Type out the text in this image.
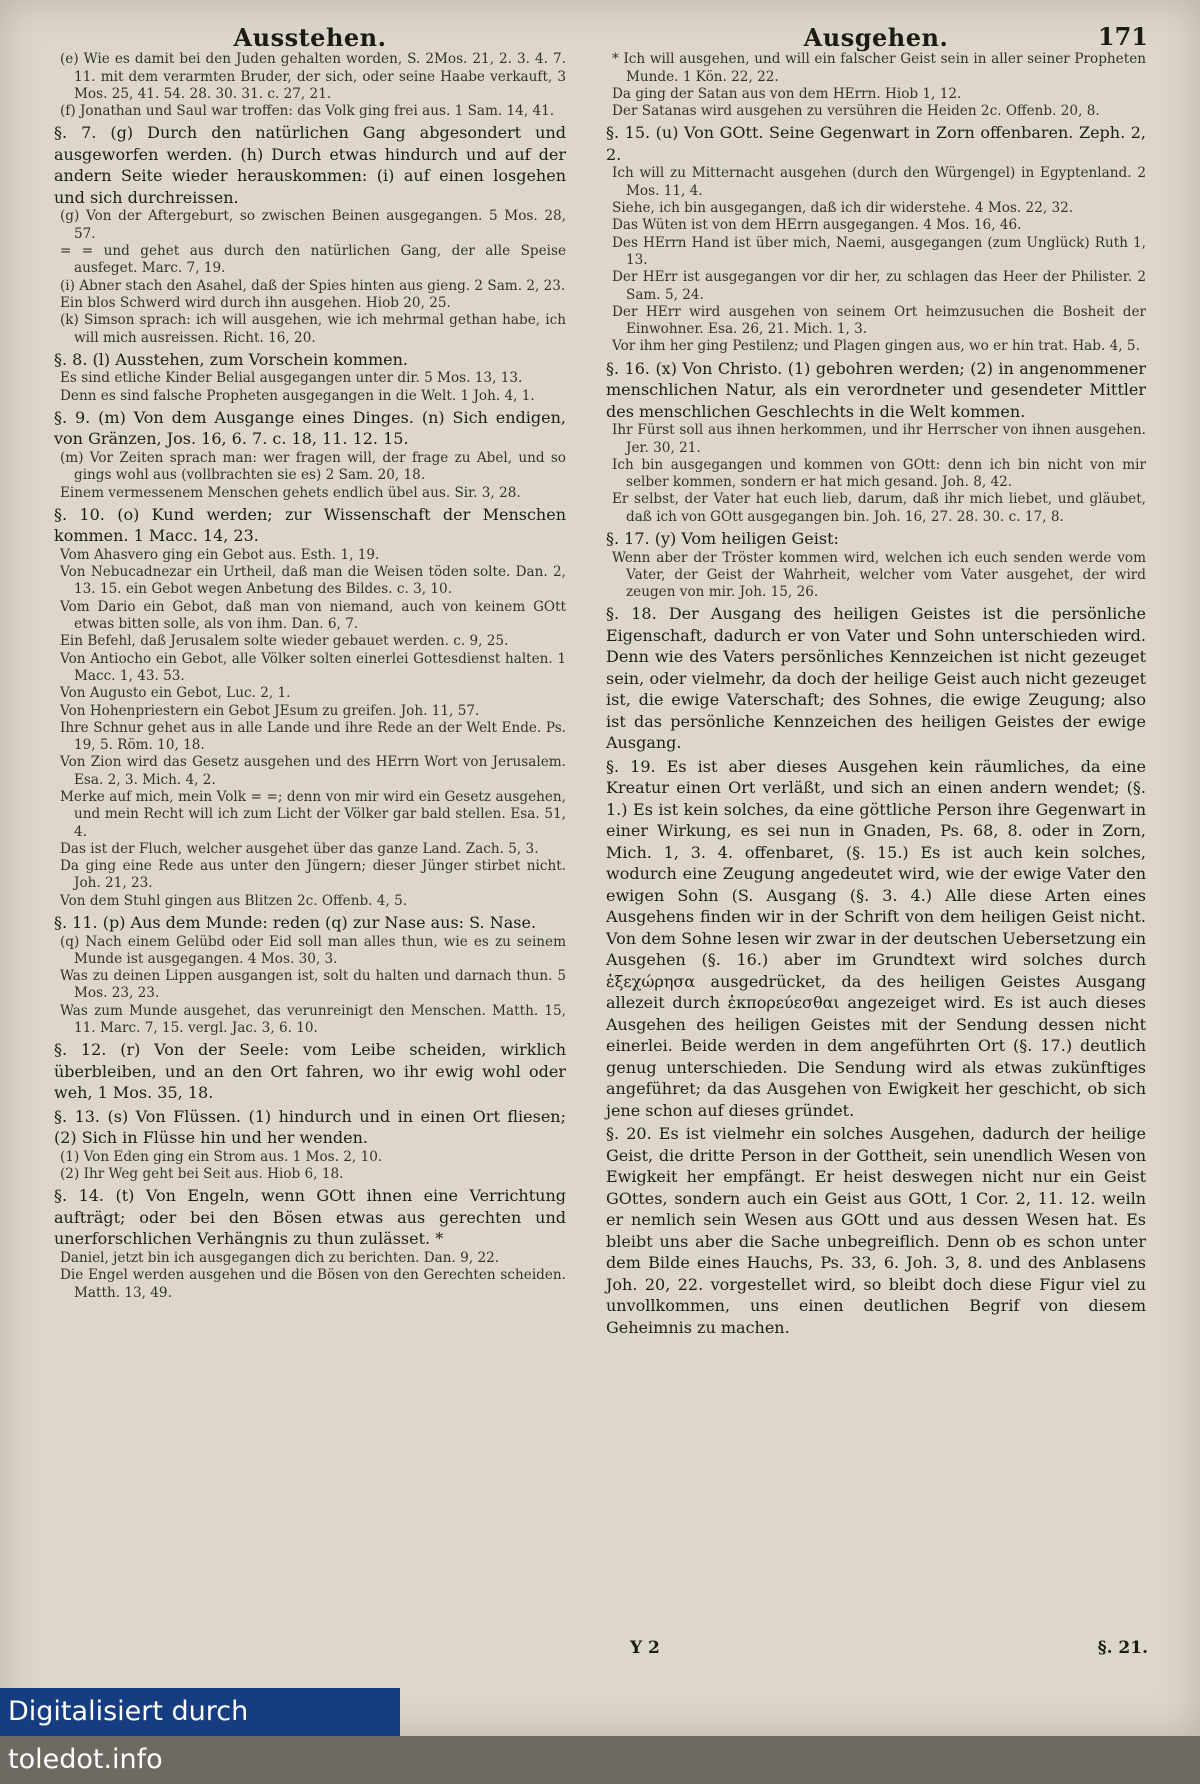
Ausstehen.

(e) Wie es damit bei den Juden gehalten worden, S. 2Mos. 21, 2. 3. 4. 7. 11. mit dem verarmten Bruder, der sich, oder seine Haabe verkauft, 3 Mos. 25, 41. 54. 28. 30. 31. c. 27, 21.

(f) Jonathan und Saul war troffen: das Volk ging frei aus. 1 Sam. 14, 41.

§. 7. (g) Durch den natürlichen Gang abgesondert und ausgeworfen werden. (h) Durch etwas hindurch und auf der andern Seite wieder herauskommen: (i) auf einen losgehen und sich durchreissen.

(g) Von der Aftergeburt, so zwischen Beinen ausgegangen. 5 Mos. 28, 57.

= = und gehet aus durch den natürlichen Gang, der alle Speise ausfeget. Marc. 7, 19.

(i) Abner stach den Asahel, daß der Spies hinten aus gieng. 2 Sam. 2, 23.

Ein blos Schwerd wird durch ihn ausgehen. Hiob 20, 25.

(k) Simson sprach: ich will ausgehen, wie ich mehrmal gethan habe, ich will mich ausreissen. Richt. 16, 20.

§. 8. (l) Ausstehen, zum Vorschein kommen.

Es sind etliche Kinder Belial ausgegangen unter dir. 5 Mos. 13, 13.

Denn es sind falsche Propheten ausgegangen in die Welt. 1 Joh. 4, 1.

§. 9. (m) Von dem Ausgange eines Dinges. (n) Sich endigen, von Gränzen, Jos. 16, 6. 7. c. 18, 11. 12. 15.

(m) Vor Zeiten sprach man: wer fragen will, der frage zu Abel, und so gings wohl aus (vollbrachten sie es) 2 Sam. 20, 18.

Einem vermessenem Menschen gehets endlich übel aus. Sir. 3, 28.

§. 10. (o) Kund werden; zur Wissenschaft der Menschen kommen. 1 Macc. 14, 23.

Vom Ahasvero ging ein Gebot aus. Esth. 1, 19.

Von Nebucadnezar ein Urtheil, daß man die Weisen töden solte. Dan. 2, 13. 15. ein Gebot wegen Anbetung des Bildes. c. 3, 10.

Vom Dario ein Gebot, daß man von niemand, auch von keinem GOtt etwas bitten solle, als von ihm. Dan. 6, 7.

Ein Befehl, daß Jerusalem solte wieder gebauet werden. c. 9, 25.

Von Antiocho ein Gebot, alle Völker solten einerlei Gottesdienst halten. 1 Macc. 1, 43. 53.

Von Augusto ein Gebot, Luc. 2, 1.

Von Hohenpriestern ein Gebot JEsum zu greifen. Joh. 11, 57.

Ihre Schnur gehet aus in alle Lande und ihre Rede an der Welt Ende. Ps. 19, 5. Röm. 10, 18.

Von Zion wird das Gesetz ausgehen und des HErrn Wort von Jerusalem. Esa. 2, 3. Mich. 4, 2.

Merke auf mich, mein Volk = =; denn von mir wird ein Gesetz ausgehen, und mein Recht will ich zum Licht der Völker gar bald stellen. Esa. 51, 4.

Das ist der Fluch, welcher ausgehet über das ganze Land. Zach. 5, 3.

Da ging eine Rede aus unter den Jüngern; dieser Jünger stirbet nicht. Joh. 21, 23.

Von dem Stuhl gingen aus Blitzen 2c. Offenb. 4, 5.

§. 11. (p) Aus dem Munde: reden (q) zur Nase aus: S. Nase.

(q) Nach einem Gelübd oder Eid soll man alles thun, wie es zu seinem Munde ist ausgegangen. 4 Mos. 30, 3.

Was zu deinen Lippen ausgangen ist, solt du halten und darnach thun. 5 Mos. 23, 23.

Was zum Munde ausgehet, das verunreinigt den Menschen. Matth. 15, 11. Marc. 7, 15. vergl. Jac. 3, 6. 10.

§. 12. (r) Von der Seele: vom Leibe scheiden, wirklich überbleiben, und an den Ort fahren, wo ihr ewig wohl oder weh, 1 Mos. 35, 18.

§. 13. (s) Von Flüssen. (1) hindurch und in einen Ort fliesen; (2) Sich in Flüsse hin und her wenden.

(1) Von Eden ging ein Strom aus. 1 Mos. 2, 10.

(2) Ihr Weg geht bei Seit aus. Hiob 6, 18.

§. 14. (t) Von Engeln, wenn GOtt ihnen eine Verrichtung aufträgt; oder bei den Bösen etwas aus gerechten und unerforschlichen Verhängnis zu thun zulässet. *

Daniel, jetzt bin ich ausgegangen dich zu berichten. Dan. 9, 22.

Die Engel werden ausgehen und die Bösen von den Gerechten scheiden. Matth. 13, 49.

171
Ausgehen.

* Ich will ausgehen, und will ein falscher Geist sein in aller seiner Propheten Munde. 1 Kön. 22, 22.

Da ging der Satan aus von dem HErrn. Hiob 1, 12.

Der Satanas wird ausgehen zu versühren die Heiden 2c. Offenb. 20, 8.

§. 15. (u) Von GOtt. Seine Gegenwart in Zorn offenbaren. Zeph. 2, 2.

Ich will zu Mitternacht ausgehen (durch den Würgengel) in Egyptenland. 2 Mos. 11, 4.

Siehe, ich bin ausgegangen, daß ich dir widerstehe. 4 Mos. 22, 32.

Das Wüten ist von dem HErrn ausgegangen. 4 Mos. 16, 46.

Des HErrn Hand ist über mich, Naemi, ausgegangen (zum Unglück) Ruth 1, 13.

Der HErr ist ausgegangen vor dir her, zu schlagen das Heer der Philister. 2 Sam. 5, 24.

Der HErr wird ausgehen von seinem Ort heimzusuchen die Bosheit der Einwohner. Esa. 26, 21. Mich. 1, 3.

Vor ihm her ging Pestilenz; und Plagen gingen aus, wo er hin trat. Hab. 4, 5.

§. 16. (x) Von Christo. (1) gebohren werden; (2) in angenommener menschlichen Natur, als ein verordneter und gesendeter Mittler des menschlichen Geschlechts in die Welt kommen.

Ihr Fürst soll aus ihnen herkommen, und ihr Herrscher von ihnen ausgehen. Jer. 30, 21.

Ich bin ausgegangen und kommen von GOtt: denn ich bin nicht von mir selber kommen, sondern er hat mich gesand. Joh. 8, 42.

Er selbst, der Vater hat euch lieb, darum, daß ihr mich liebet, und gläubet, daß ich von GOtt ausgegangen bin. Joh. 16, 27. 28. 30. c. 17, 8.

§. 17. (y) Vom heiligen Geist:

Wenn aber der Tröster kommen wird, welchen ich euch senden werde vom Vater, der Geist der Wahrheit, welcher vom Vater ausgehet, der wird zeugen von mir. Joh. 15, 26.

§. 18. Der Ausgang des heiligen Geistes ist die persönliche Eigenschaft, dadurch er von Vater und Sohn unterschieden wird. Denn wie des Vaters persönliches Kennzeichen ist nicht gezeuget sein, oder vielmehr, da doch der heilige Geist auch nicht gezeuget ist, die ewige Vaterschaft; des Sohnes, die ewige Zeugung; also ist das persönliche Kennzeichen des heiligen Geistes der ewige Ausgang.

§. 19. Es ist aber dieses Ausgehen kein räumliches, da eine Kreatur einen Ort verläßt, und sich an einen andern wendet; (§. 1.) Es ist kein solches, da eine göttliche Person ihre Gegenwart in einer Wirkung, es sei nun in Gnaden, Ps. 68, 8. oder in Zorn, Mich. 1, 3. 4. offenbaret, (§. 15.) Es ist auch kein solches, wodurch eine Zeugung angedeutet wird, wie der ewige Vater den ewigen Sohn (S. Ausgang (§. 3. 4.) Alle diese Arten eines Ausgehens finden wir in der Schrift von dem heiligen Geist nicht. Von dem Sohne lesen wir zwar in der deutschen Uebersetzung ein Ausgehen (§. 16.) aber im Grundtext wird solches durch ἐξεχώρησα ausgedrücket, da des heiligen Geistes Ausgang allezeit durch ἐκπορεύεσθαι angezeiget wird. Es ist auch dieses Ausgehen des heiligen Geistes mit der Sendung dessen nicht einerlei. Beide werden in dem angeführten Ort (§. 17.) deutlich genug unterschieden. Die Sendung wird als etwas zukünftiges angeführet; da das Ausgehen von Ewigkeit her geschicht, ob sich jene schon auf dieses gründet.

§. 20. Es ist vielmehr ein solches Ausgehen, dadurch der heilige Geist, die dritte Person in der Gottheit, sein unendlich Wesen von Ewigkeit her empfängt. Er heist deswegen nicht nur ein Geist GOttes, sondern auch ein Geist aus GOtt, 1 Cor. 2, 11. 12. weiln er nemlich sein Wesen aus GOtt und aus dessen Wesen hat. Es bleibt uns aber die Sache unbegreiflich. Denn ob es schon unter dem Bilde eines Hauchs, Ps. 33, 6. Joh. 3, 8. und des Anblasens Joh. 20, 22. vorgestellet wird, so bleibt doch diese Figur viel zu unvollkommen, uns einen deutlichen Begrif von diesem Geheimnis zu machen.

Y 2	§. 21.
Digitalisiert durch toledot.info
